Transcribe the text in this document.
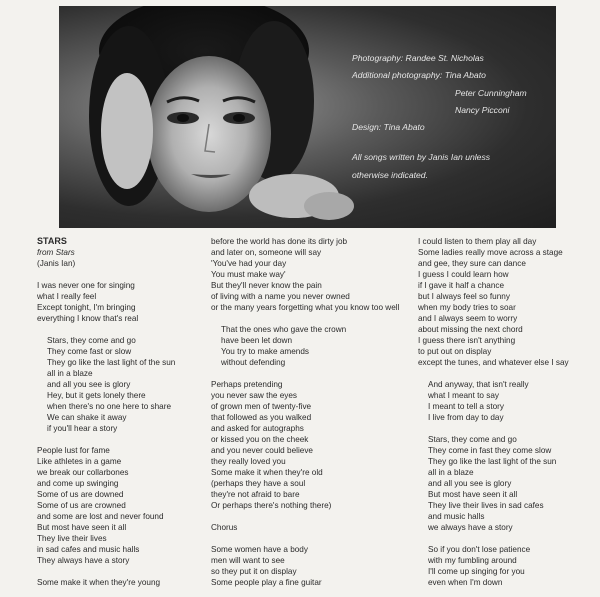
Photography: Randee St. Nicholas
Additional photography: Tina Abato
Peter Cunningham
Nancy Picconi
Design: Tina Abato
All songs written by Janis Ian unless
otherwise indicated.
STARS
from Stars
(Janis Ian)
I was never one for singing
what I really feel
Except tonight, I'm bringing
everything I know that's real
Stars, they come and go
They come fast or slow
They go like the last light of the sun
all in a blaze
and all you see is glory
Hey, but it gets lonely there
when there's no one here to share
We can shake it away
if you'll hear a story
People lust for fame
Like athletes in a game
we break our collarbones
and come up swinging
Some of us are downed
Some of us are crowned
and some are lost and never found
But most have seen it all
They live their lives
in sad cafes and music halls
They always have a story
Some make it when they're young
before the world has done its dirty job
and later on, someone will say
'You've had your day
You must make way'
But they'll never know the pain
of living with a name you never owned
or the many years forgetting what you know too well
That the ones who gave the crown
have been let down
You try to make amends
without defending
Perhaps pretending
you never saw the eyes
of grown men of twenty-five
that followed as you walked
and asked for autographs
or kissed you on the cheek
and you never could believe
they really loved you
Some make it when they're old
(perhaps they have a soul
they're not afraid to bare
Or perhaps there's nothing there)
Chorus
Some women have a body
men will want to see
so they put it on display
Some people play a fine guitar
I could listen to them play all day
Some ladies really move across a stage
and gee, they sure can dance
I guess I could learn how
if I gave it half a chance
but I always feel so funny
when my body tries to soar
and I always seem to worry
about missing the next chord
I guess there isn't anything
to put out on display
except the tunes, and whatever else I say
And anyway, that isn't really
what I meant to say
I meant to tell a story
I live from day to day
Stars, they come and go
They come in fast they come slow
They go like the last light of the sun
all in a blaze
and all you see is glory
But most have seen it all
They live their lives in sad cafes
and music halls
we always have a story
So if you don't lose patience
with my fumbling around
I'll come up singing for you
even when I'm down
